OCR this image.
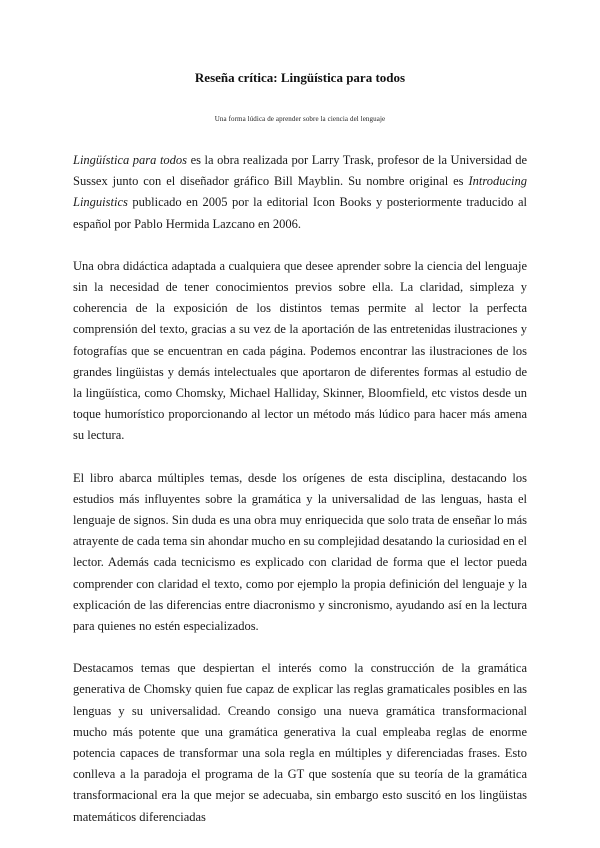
Reseña crítica: Lingüística para todos
Una forma lúdica de aprender sobre la ciencia del lenguaje

Lingüística para todos es la obra realizada por Larry Trask, profesor de la Universidad de Sussex junto con el diseñador gráfico Bill Mayblin. Su nombre original es Introducing Linguistics publicado en 2005 por la editorial Icon Books y posteriormente traducido al español por Pablo Hermida Lazcano en 2006.

Una obra didáctica adaptada a cualquiera que desee aprender sobre la ciencia del lenguaje sin la necesidad de tener conocimientos previos sobre ella. La claridad, simpleza y coherencia de la exposición de los distintos temas permite al lector la perfecta comprensión del texto, gracias a su vez de la aportación de las entretenidas ilustraciones y fotografías que se encuentran en cada página. Podemos encontrar las ilustraciones de los grandes lingüistas y demás intelectuales que aportaron de diferentes formas al estudio de la lingüística, como Chomsky, Michael Halliday, Skinner, Bloomfield, etc vistos desde un toque humorístico proporcionando al lector un método más lúdico para hacer más amena su lectura.

El libro abarca múltiples temas, desde los orígenes de esta disciplina, destacando los estudios más influyentes sobre la gramática y la universalidad de las lenguas, hasta el lenguaje de signos. Sin duda es una obra muy enriquecida que solo trata de enseñar lo más atrayente de cada tema sin ahondar mucho en su complejidad desatando la curiosidad en el lector. Además cada tecnicismo es explicado con claridad de forma que el lector pueda comprender con claridad el texto, como por ejemplo la propia definición del lenguaje y la explicación de las diferencias entre diacronismo y sincronismo, ayudando así en la lectura para quienes no estén especializados.

Destacamos temas que despiertan el interés como la construcción de la gramática generativa de Chomsky quien fue capaz de explicar las reglas gramaticales posibles en las lenguas y su universalidad. Creando consigo una nueva gramática transformacional mucho más potente que una gramática generativa la cual empleaba reglas de enorme potencia capaces de transformar una sola regla en múltiples y diferenciadas frases. Esto conlleva a la paradoja el programa de la GT que sostenía que su teoría de la gramática transformacional era la que mejor se adecuaba, sin embargo esto suscitó en los lingüistas matemáticos diferenciadas
